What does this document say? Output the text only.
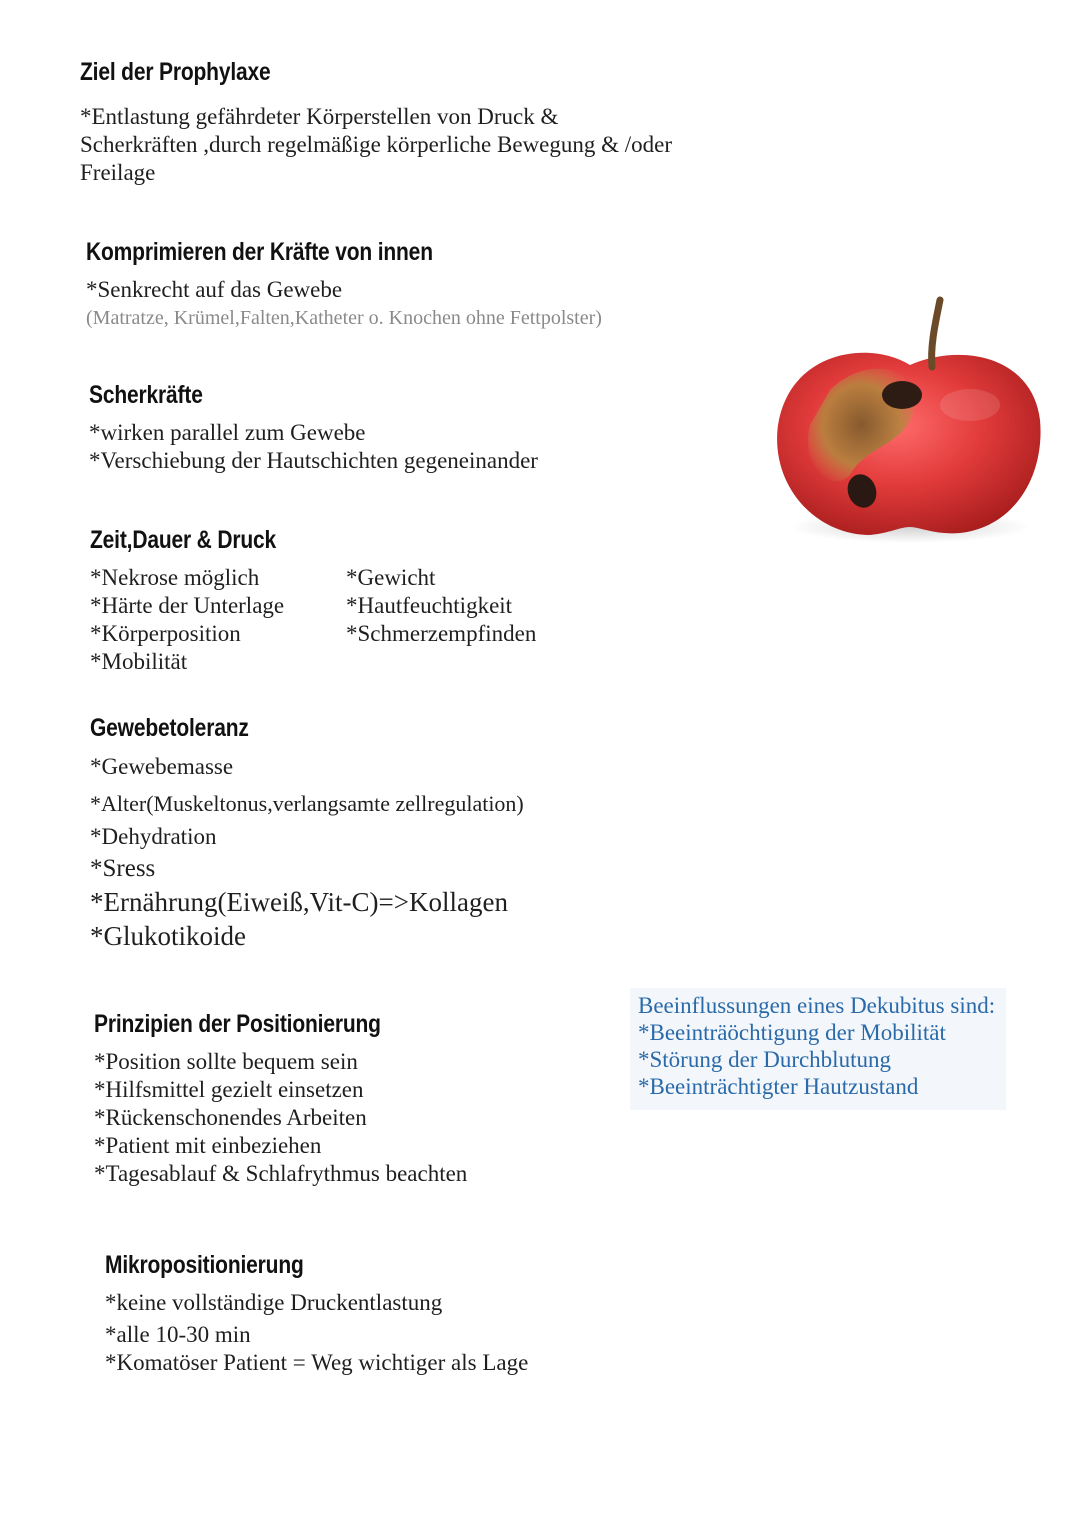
Ziel der Prophylaxe
*Entlastung gefährdeter Körperstellen von Druck &
Scherkräften ,durch regelmäßige körperliche Bewegung & /oder
Freilage
Komprimieren der Kräfte von innen
*Senkrecht auf das Gewebe
(Matratze, Krümel,Falten,Katheter o. Knochen ohne Fettpolster)
Scherkräfte
*wirken parallel zum Gewebe
*Verschiebung der Hautschichten gegeneinander
Zeit,Dauer & Druck
*Nekrose möglich
*Härte der Unterlage
*Körperposition
*Mobilität
*Gewicht
*Hautfeuchtigkeit
*Schmerzempfinden
Gewebetoleranz
*Gewebemasse
*Alter(Muskeltonus,verlangsamte zellregulation)
*Dehydration
*Sress
*Ernährung(Eiweiß,Vit-C)=>Kollagen
*Glukotikoide
Prinzipien der Positionierung
*Position sollte bequem sein
*Hilfsmittel gezielt einsetzen
*Rückenschonendes Arbeiten
*Patient mit einbeziehen
*Tagesablauf & Schlafrythmus beachten
Beeinflussungen eines Dekubitus sind:
*Beeinträöchtigung der Mobilität
*Störung der Durchblutung
*Beeinträchtigter Hautzustand
Mikropositionierung
*keine vollständige Druckentlastung
*alle 10-30 min
*Komatöser Patient = Weg wichtiger als Lage
